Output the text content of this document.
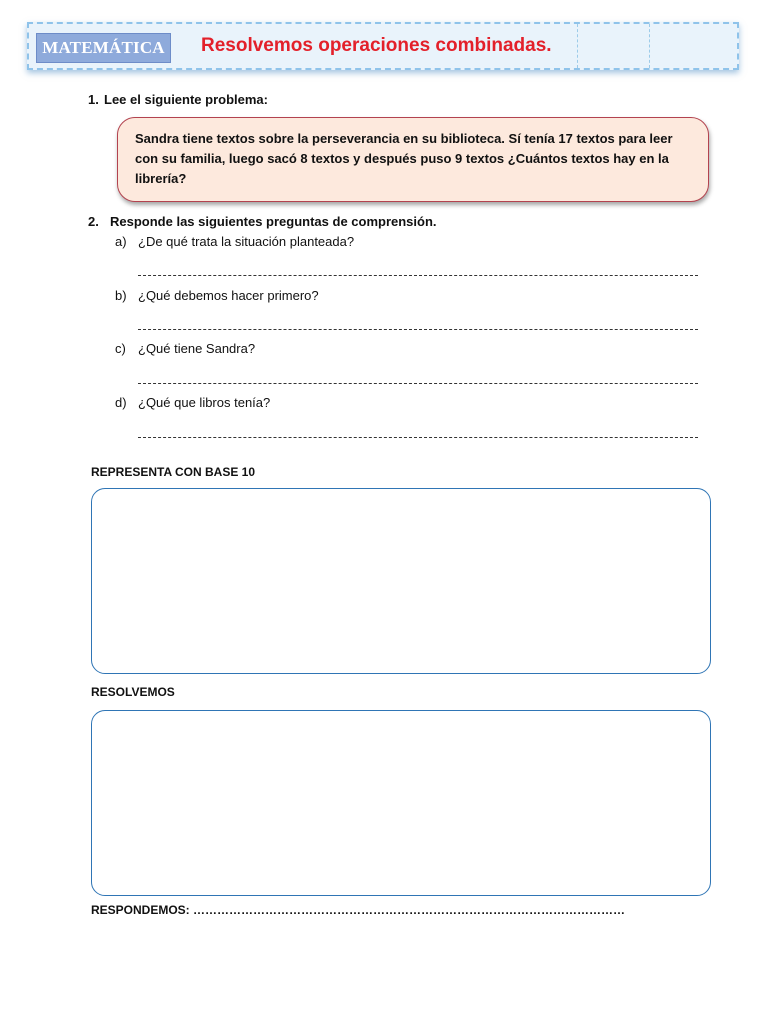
MATEMÁTICA	Resolvemos operaciones combinadas.
1. Lee el siguiente problema:
Sandra tiene textos sobre la perseverancia en su biblioteca. Sí tenía 17 textos para leer con su familia, luego sacó 8 textos y después puso 9 textos ¿Cuántos textos hay en la librería?
2. Responde las siguientes preguntas de comprensión.
a) ¿De qué trata la situación planteada?
b) ¿Qué debemos hacer primero?
c) ¿Qué tiene Sandra?
d) ¿Qué que libros tenía?
REPRESENTA CON BASE 10
RESOLVEMOS
RESPONDEMOS: ………………………………………………………………………………………………
